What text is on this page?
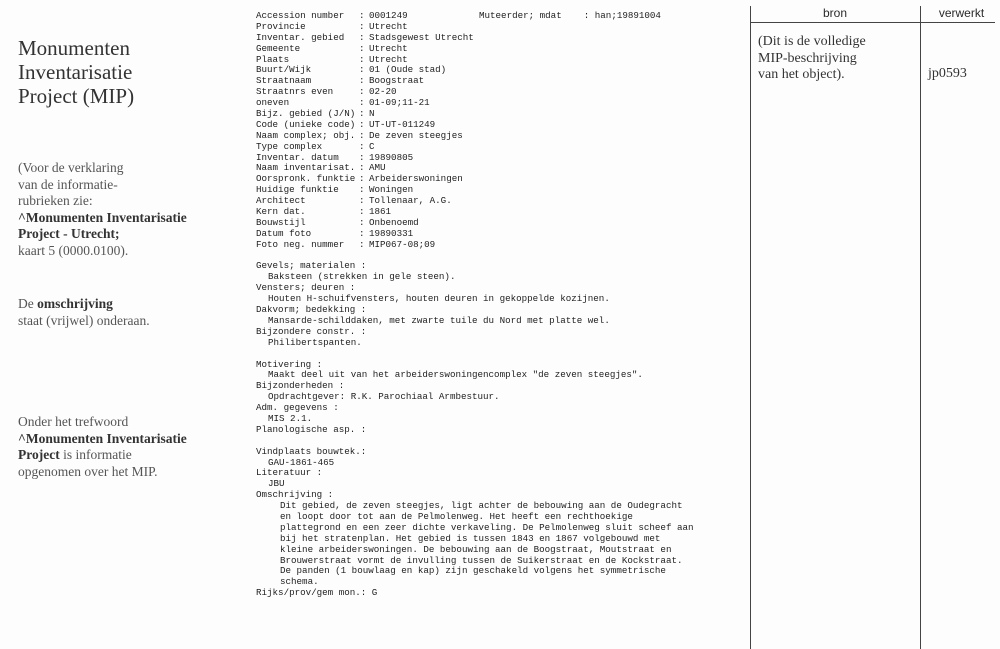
Monumenten
Inventarisatie
Project (MIP)
(Voor de verklaring
van de informatie-
rubrieken zie:
^Monumenten Inventarisatie
Project - Utrecht;
kaart 5 (0000.0100).
De omschrijving
staat (vrijwel) onderaan.
Onder het trefwoord
^Monumenten Inventarisatie
Project is informatie
opgenomen over het MIP.
Accession number	: 0001249	Muteerder; mdat    : han;19891004
Provincie	: Utrecht
Inventar. gebied	: Stadsgewest Utrecht
Gemeente	: Utrecht
Plaats	: Utrecht
Buurt/Wijk	: 01 (Oude stad)
Straatnaam	: Boogstraat
Straatnrs even	: 02-20
oneven	: 01-09;11-21
Bijz. gebied (J/N) : N
Code (unieke code) : UT-UT-011249
Naam complex; obj. : De zeven steegjes
Type complex	: C
Inventar. datum	: 19890805
Naam inventarisat. : AMU
Oorspronk. funktie : Arbeiderswoningen
Huidige funktie	: Woningen
Architect	: Tollenaar, A.G.
Kern dat.	: 1861
Bouwstijl	: Onbenoemd
Datum foto	: 19890331
Foto neg. nummer	: MIP067-08;09
Gevels; materialen :
Baksteen (strekken in gele steen).
Vensters; deuren :
Houten H-schuifvensters, houten deuren in gekoppelde kozijnen.
Dakvorm; bedekking :
Mansarde-schilddaken, met zwarte tuile du Nord met platte wel.
Bijzondere constr. :
Philibertspanten.
Motivering :
Maakt deel uit van het arbeiderswoningencomplex "de zeven steegjes".
Bijzonderheden :
Opdrachtgever: R.K. Parochiaal Armbestuur.
Adm. gegevens :
MIS 2.1.
Planologische asp. :
Vindplaats bouwtek.:
GAU-1861-465
Literatuur :
JBU
Omschrijving :
Dit gebied, de zeven steegjes, ligt achter de bebouwing aan de Oudegracht
en loopt door tot aan de Pelmolenweg. Het heeft een rechthoekige
plattegrond en een zeer dichte verkaveling. De Pelmolenweg sluit scheef aan
bij het stratenplan. Het gebied is tussen 1843 en 1867 volgebouwd met
kleine arbeiderswoningen. De bebouwing aan de Boogstraat, Moutstraat en
Brouwerstraat vormt de invulling tussen de Suikerstraat en de Kockstraat.
De panden (1 bouwlaag en kap) zijn geschakeld volgens het symmetrische
schema.
Rijks/prov/gem mon.: G
bron	verwerkt
(Dit is de volledige
MIP-beschrijving
van het object).	jp0593
